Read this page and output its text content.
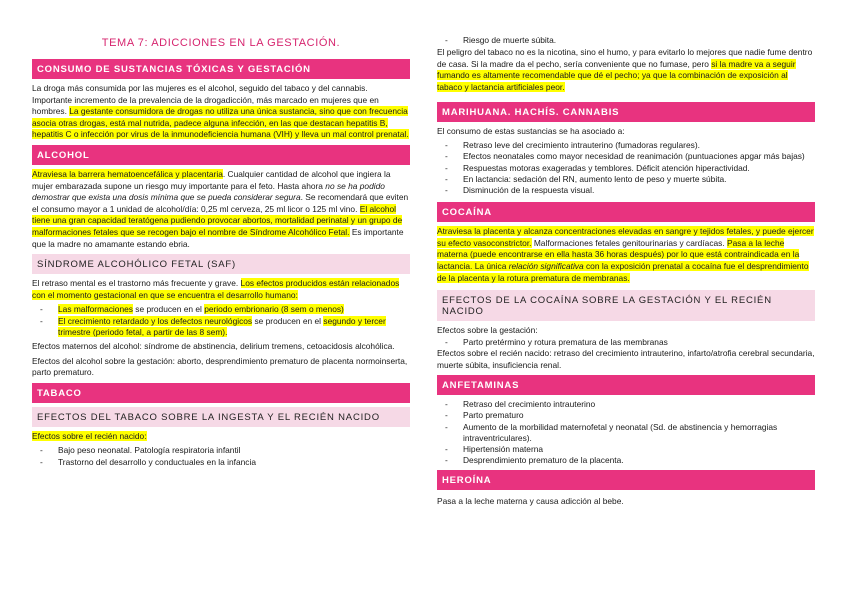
TEMA 7: ADICCIONES EN LA GESTACIÓN.
CONSUMO DE SUSTANCIAS TÓXICAS Y GESTACIÓN

La droga más consumida por las mujeres es el alcohol, seguido del tabaco y del cannabis. Importante incremento de la prevalencia de la drogadicción, más marcado en mujeres que en hombres. La gestante consumidora de drogas no utiliza una única sustancia, sino que con frecuencia asocia otras drogas, está mal nutrida, padece alguna infección, en las que destacan hepatitis B, hepatitis C o infección por virus de la inmunodeficiencia humana (VIH) y lleva un mal control prenatal.

ALCOHOL

Atraviesa la barrera hematoencefálica y placentaria. Cualquier cantidad de alcohol que ingiera la mujer embarazada supone un riesgo muy importante para el feto. Hasta ahora no se ha podido demostrar que exista una dosis mínima que se pueda considerar segura. Se recomendará que eviten el consumo mayor a 1 unidad de alcohol/día: 0,25 ml cerveza, 25 ml licor o 125 ml vino. El alcohol tiene una gran capacidad teratógena pudiendo provocar abortos, mortalidad perinatal y un grupo de malformaciones fetales que se recogen bajo el nombre de Síndrome Alcohólico Fetal. Es importante que la madre no amamante estando ebria.

SÍNDROME ALCOHÓLICO FETAL (SAF)

El retraso mental es el trastorno más frecuente y grave. Los efectos producidos están relacionados con el momento gestacional en que se encuentra el desarrollo humano:

- Las malformaciones se producen en el periodo embrionario (8 sem o menos)
- El crecimiento retardado y los defectos neurológicos se producen en el segundo y tercer trimestre (periodo fetal, a partir de las 8 sem).

Efectos maternos del alcohol: síndrome de abstinencia, delirium tremens, cetoacidosis alcohólica.

Efectos del alcohol sobre la gestación: aborto, desprendimiento prematuro de placenta normoinserta, parto prematuro.

TABACO
EFECTOS DEL TABACO SOBRE LA INGESTA Y EL RECIÉN NACIDO

Efectos sobre el recién nacido:

- Bajo peso neonatal. Patología respiratoria infantil
- Trastorno del desarrollo y conductuales en la infancia
- Riesgo de muerte súbita.

El peligro del tabaco no es la nicotina, sino el humo, y para evitarlo lo mejores que nadie fume dentro de casa. Si la madre da el pecho, sería conveniente que no fumase, pero si la madre va a seguir fumando es altamente recomendable que dé el pecho; ya que la combinación de exposición al tabaco y lactancia artificiales peor.

MARIHUANA. HACHÍS. CANNABIS

El consumo de estas sustancias se ha asociado a:

- Retraso leve del crecimiento intrauterino (fumadoras regulares).
- Efectos neonatales como mayor necesidad de reanimación (puntuaciones apgar más bajas)
- Respuestas motoras exageradas y temblores. Déficit atención hiperactividad.
- En lactancia: sedación del RN, aumento lento de peso y muerte súbita.
- Disminución de la respuesta visual.
COCAÍNA

Atraviesa la placenta y alcanza concentraciones elevadas en sangre y tejidos fetales, y puede ejercer su efecto vasoconstrictor. Malformaciones fetales genitourinarias y cardíacas. Pasa a la leche materna (puede encontrarse en ella hasta 36 horas después) por lo que está contraindicada en la lactancia. La única relación significativa con la exposición prenatal a cocaína fue el desprendimiento de la placenta y la rotura prematura de membranas.

EFECTOS DE LA COCAÍNA SOBRE LA GESTACIÓN Y EL RECIÉN NACIDO

Efectos sobre la gestación:

- Parto pretérmino y rotura prematura de las membranas

Efectos sobre el recién nacido: retraso del crecimiento intrauterino, infarto/atrofia cerebral secundaria, muerte súbita, insuficiencia renal.

ANFETAMINAS
- Retraso del crecimiento intrauterino
- Parto prematuro
- Aumento de la morbilidad maternofetal y neonatal (Sd. de abstinencia y hemorragias intraventriculares).
- Hipertensión materna
- Desprendimiento prematuro de la placenta.
HEROÍNA

Pasa a la leche materna y causa adicción al bebe.
